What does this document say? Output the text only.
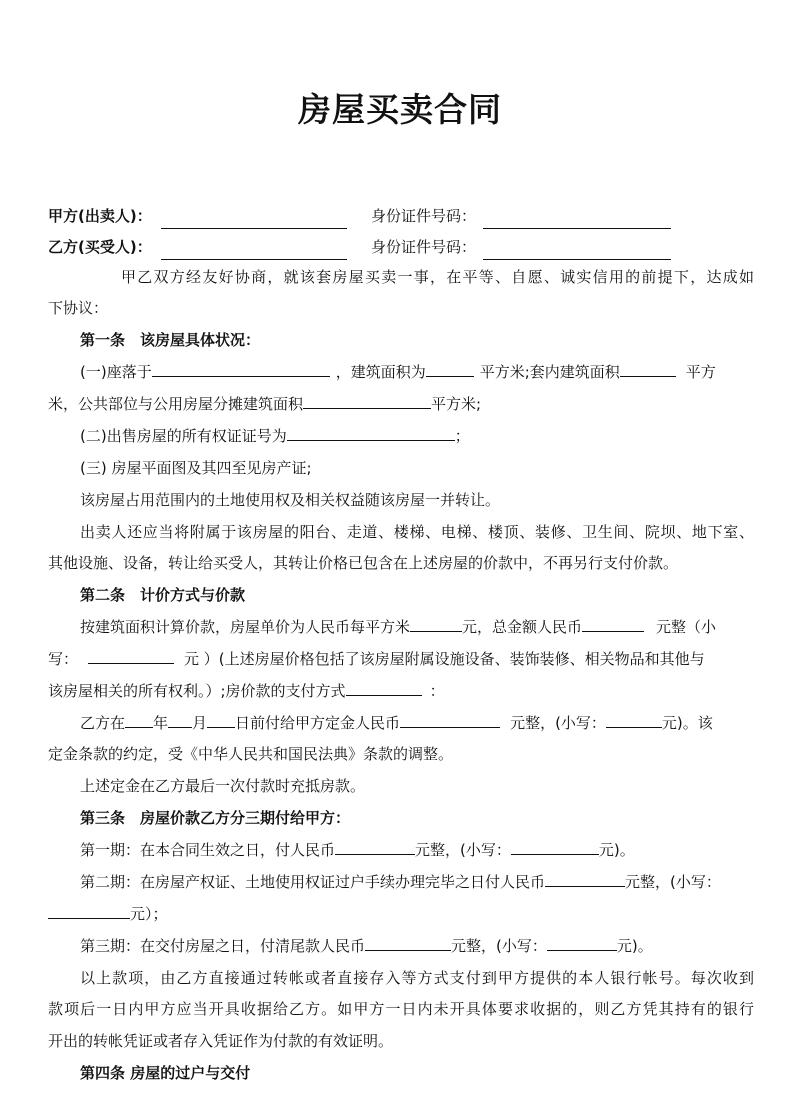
房屋买卖合同
甲方(出卖人)：	身份证件号码：
乙方(买受人)：	身份证件号码：
甲乙双方经友好协商，就该套房屋买卖一事，在平等、自愿、诚实信用的前提下，达成如
下协议：
第一条　该房屋具体状况：
(一)座落于	，建筑面积为	平方米;套内建筑面积	平方
米，公共部位与公用房屋分摊建筑面积	平方米;
(二)出售房屋的所有权证证号为	；
(三) 房屋平面图及其四至见房产证;
该房屋占用范围内的土地使用权及相关权益随该房屋一并转让。
出卖人还应当将附属于该房屋的阳台、走道、楼梯、电梯、楼顶、装修、卫生间、院坝、地下室、
其他设施、设备，转让给买受人，其转让价格已包含在上述房屋的价款中，不再另行支付价款。
第二条　计价方式与价款
按建筑面积计算价款，房屋单价为人民币每平方米	元，总金额人民币	元整（小
写：	元 ）(上述房屋价格包括了该房屋附属设施设备、装饰装修、相关物品和其他与
该房屋相关的所有权利。）;房价款的支付方式	：
乙方在 年 月 日前付给甲方定金人民币	元整，(小写：	元)。该
定金条款的约定，受《中华人民共和国民法典》条款的调整。
上述定金在乙方最后一次付款时充抵房款。
第三条　房屋价款乙方分三期付给甲方：
第一期：在本合同生效之日，付人民币	元整，(小写：	元)。
第二期：在房屋产权证、土地使用权证过户手续办理完毕之日付人民币	元整，(小写：
元）；
第三期：在交付房屋之日，付清尾款人民币	元整，(小写：	元)。
以上款项，由乙方直接通过转帐或者直接存入等方式支付到甲方提供的本人银行帐号。每次收到
款项后一日内甲方应当开具收据给乙方。如甲方一日内未开具体要求收据的，则乙方凭其持有的银行
开出的转帐凭证或者存入凭证作为付款的有效证明。
第四条 房屋的过户与交付
